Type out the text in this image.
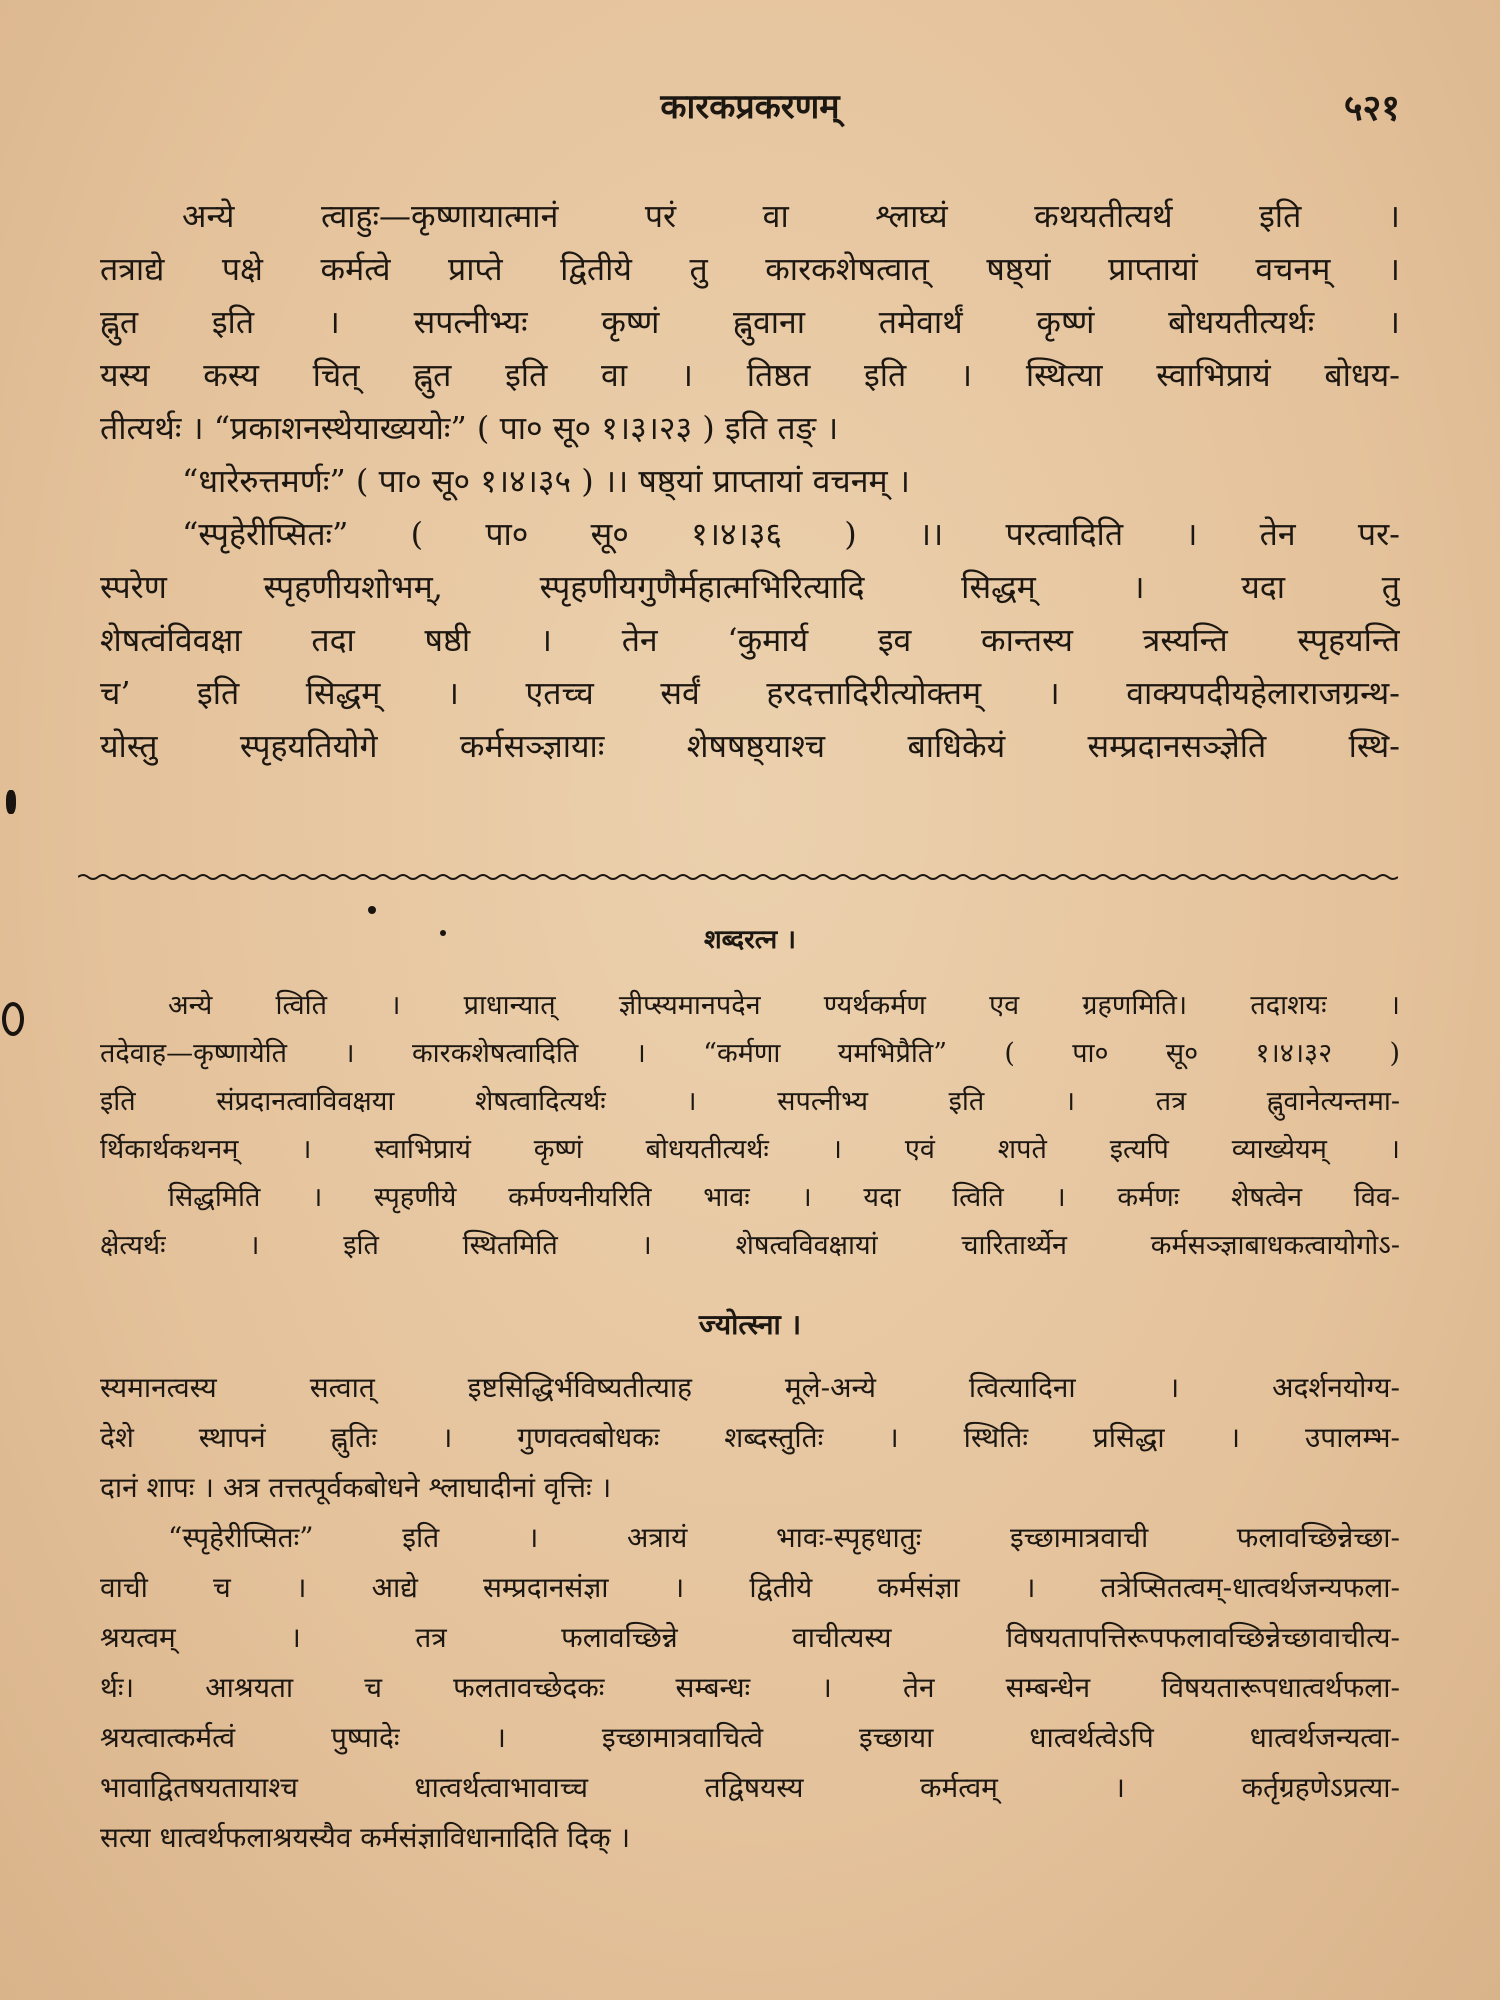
कारकप्रकरणम्	५२१
अन्ये त्वाहुः—कृष्णायात्मानं परं वा श्लाघ्यं कथयतीत्यर्थ इति ।
तत्राद्ये पक्षे कर्मत्वे प्राप्ते द्वितीये तु कारकशेषत्वात् षष्ठ्यां प्राप्तायां वचनम् ।
ह्नुत इति । सपत्नीभ्यः कृष्णं ह्नुवाना तमेवार्थं कृष्णं बोधयतीत्यर्थः ।
यस्य कस्य चित् ह्नुत इति वा । तिष्ठत इति । स्थित्या स्वाभिप्रायं बोधय-
तीत्यर्थः । “प्रकाशनस्थेयाख्ययोः” ( पा० सू० १।३।२३ ) इति तङ् ।
“धारेरुत्तमर्णः” ( पा० सू० १।४।३५ ) ।। षष्ठ्यां प्राप्तायां वचनम् ।
“स्पृहेरीप्सितः” ( पा० सू० १।४।३६ ) ।। परत्वादिति । तेन पर-
स्परेण स्पृहणीयशोभम्, स्पृहणीयगुणैर्महात्मभिरित्यादि सिद्धम् । यदा तु
शेषत्वंविवक्षा तदा षष्ठी । तेन ‘कुमार्य इव कान्तस्य त्रस्यन्ति स्पृहयन्ति
च’ इति सिद्धम् । एतच्च सर्वं हरदत्तादिरीत्योक्तम् । वाक्यपदीयहेलाराजग्रन्थ-
योस्तु स्पृहयतियोगे कर्मसञ्ज्ञायाः शेषषष्ठ्याश्च बाधिकेयं सम्प्रदानसञ्ज्ञेति स्थि-
शब्दरत्न ।
अन्ये त्विति । प्राधान्यात् ज्ञीप्स्यमानपदेन ण्यर्थकर्मण एव ग्रहणमिति। तदाशयः ।
तदेवाह—कृष्णायेति । कारकशेषत्वादिति । “कर्मणा यमभिप्रैति” ( पा० सू० १।४।३२ )
इति संप्रदानत्वाविवक्षया शेषत्वादित्यर्थः । सपत्नीभ्य इति । तत्र ह्नुवानेत्यन्तमा-
र्थिकार्थकथनम् । स्वाभिप्रायं कृष्णं बोधयतीत्यर्थः । एवं शपते इत्यपि व्याख्येयम् ।
सिद्धमिति । स्पृहणीये कर्मण्यनीयरिति भावः । यदा त्विति । कर्मणः शेषत्वेन विव-
क्षेत्यर्थः । इति स्थितमिति । शेषत्वविवक्षायां चारितार्थ्येन कर्मसञ्ज्ञाबाधकत्वायोगोऽ-
ज्योत्स्ना ।
स्यमानत्वस्य सत्वात् इष्टसिद्धिर्भविष्यतीत्याह मूले-अन्ये त्वित्यादिना । अदर्शनयोग्य-
देशे स्थापनं ह्नुतिः । गुणवत्वबोधकः शब्दस्तुतिः । स्थितिः प्रसिद्धा । उपालम्भ-
दानं शापः । अत्र तत्तत्पूर्वकबोधने श्लाघादीनां वृत्तिः ।
“स्पृहेरीप्सितः” इति । अत्रायं भावः-स्पृहधातुः इच्छामात्रवाची फलावच्छिन्नेच्छा-
वाची च । आद्ये सम्प्रदानसंज्ञा । द्वितीये कर्मसंज्ञा । तत्रेप्सितत्वम्-धात्वर्थजन्यफला-
श्रयत्वम् । तत्र फलावच्छिन्ने वाचीत्यस्य विषयतापत्तिरूपफलावच्छिन्नेच्छावाचीत्य-
र्थः। आश्रयता च फलतावच्छेदकः सम्बन्धः । तेन सम्बन्धेन विषयतारूपधात्वर्थफला-
श्रयत्वात्कर्मत्वं पुष्पादेः । इच्छामात्रवाचित्वे इच्छाया धात्वर्थत्वेऽपि धात्वर्थजन्यत्वा-
भावाद्वितषयतायाश्च धात्वर्थत्वाभावाच्च तद्विषयस्य कर्मत्वम् । कर्तृग्रहणेऽप्रत्या-
सत्या धात्वर्थफलाश्रयस्यैव कर्मसंज्ञाविधानादिति दिक् ।
